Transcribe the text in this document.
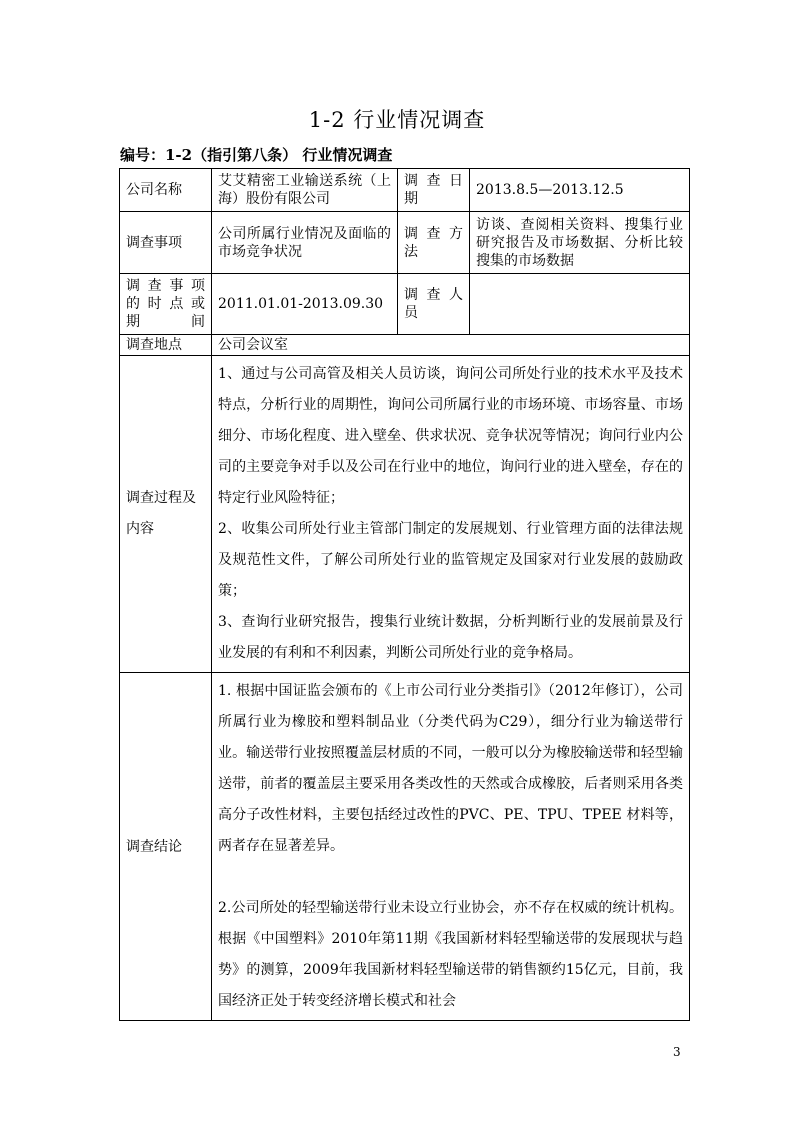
1-2 行业情况调查
编号：1-2（指引第八条） 行业情况调查
公司名称	艾艾精密工业输送系统（上海）股份有限公司	调 查 日 期	2013.8.5—2013.12.5
调查事项	公司所属行业情况及面临的市场竞争状况	调 查 方 法	访谈、查阅相关资料、搜集行业研究报告及市场数据、分析比较搜集的市场数据
调 查 事 项 的 时 点 或 期间	2011.01.01-2013.09.30	调 查 人 员	
调查地点	公司会议室		
调查过程及内容	1、通过与公司高管及相关人员访谈，询问公司所处行业的技术水平及技术特点，分析行业的周期性，询问公司所属行业的市场环境、市场容量、市场细分、市场化程度、进入壁垒、供求状况、竞争状况等情况；询问行业内公司的主要竞争对手以及公司在行业中的地位，询问行业的进入壁垒，存在的特定行业风险特征；

2、收集公司所处行业主管部门制定的发展规划、行业管理方面的法律法规及规范性文件，了解公司所处行业的监管规定及国家对行业发展的鼓励政策；

3、查询行业研究报告，搜集行业统计数据，分析判断行业的发展前景及行业发展的有利和不利因素，判断公司所处行业的竞争格局。		

调查结论	1. 根据中国证监会颁布的《上市公司行业分类指引》（2012年修订），公司所属行业为橡胶和塑料制品业（分类代码为C29），细分行业为输送带行业。输送带行业按照覆盖层材质的不同，一般可以分为橡胶输送带和轻型输送带，前者的覆盖层主要采用各类改性的天然或合成橡胶，后者则采用各类高分子改性材料，主要包括经过改性的PVC、PE、TPU、TPEE 材料等，两者存在显著差异。

2.公司所处的轻型输送带行业未设立行业协会，亦不存在权威的统计机构。根据《中国塑料》2010年第11期《我国新材料轻型输送带的发展现状与趋势》的测算，2009年我国新材料轻型输送带的销售额约15亿元，目前，我国经济正处于转变经济增长模式和社会		

3
